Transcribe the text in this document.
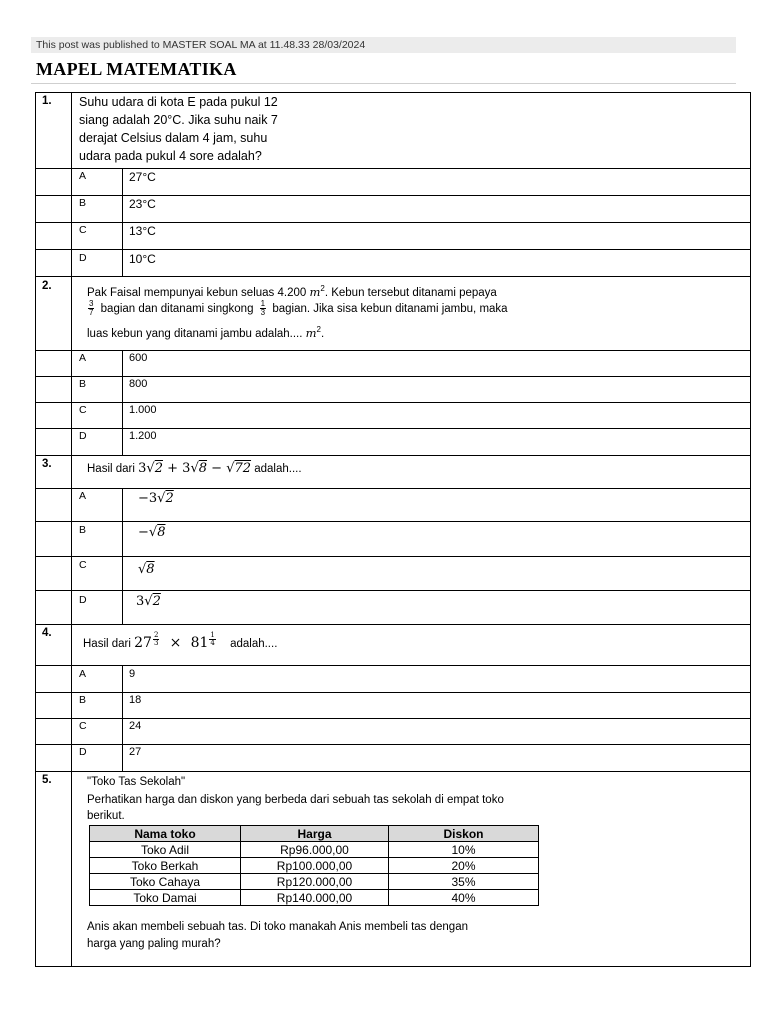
This post was published to MASTER SOAL MA at 11.48.33 28/03/2024
MAPEL MATEMATIKA
1. Suhu udara di kota E pada pukul 12
siang adalah 20°C. Jika suhu naik 7
derajat Celsius dalam 4 jam, suhu
udara pada pukul 4 sore adalah?
A	27°C
B	23°C
C	13°C
D	10°C
2.
Pak Faisal mempunyai kebun seluas 4.200 $m^2$. Kebun tersebut ditanami pepaya
$\frac{3}{7}$ bagian dan ditanami singkong $\frac{1}{3}$ bagian. Jika sisa kebun ditanami jambu, maka
luas kebun yang ditanami jambu adalah.... $m^2$.
A	600
B	800
C	1.000
D	1.200
3.	Hasil dari 3√2 + 3√8 − √72 adalah....
A	−3√2
B	−√8
C	√8
D	3√2
4.
Hasil dari 27 $^{\frac{2}{3}}$ × 81 $^{\frac{1}{4}}$ adalah....
A	9
B	18
C	24
D	27
5.	"Toko Tas Sekolah"
Perhatikan harga dan diskon yang berbeda dari sebuah tas sekolah di empat toko
berikut.
Nama toko	Harga	Diskon
Toko Adil	Rp96.000,00	10%
Toko Berkah	Rp100.000,00	20%
Toko Cahaya	Rp120.000,00	35%
Toko Damai	Rp140.000,00	40%
Anis akan membeli sebuah tas. Di toko manakah Anis membeli tas dengan
harga yang paling murah?
